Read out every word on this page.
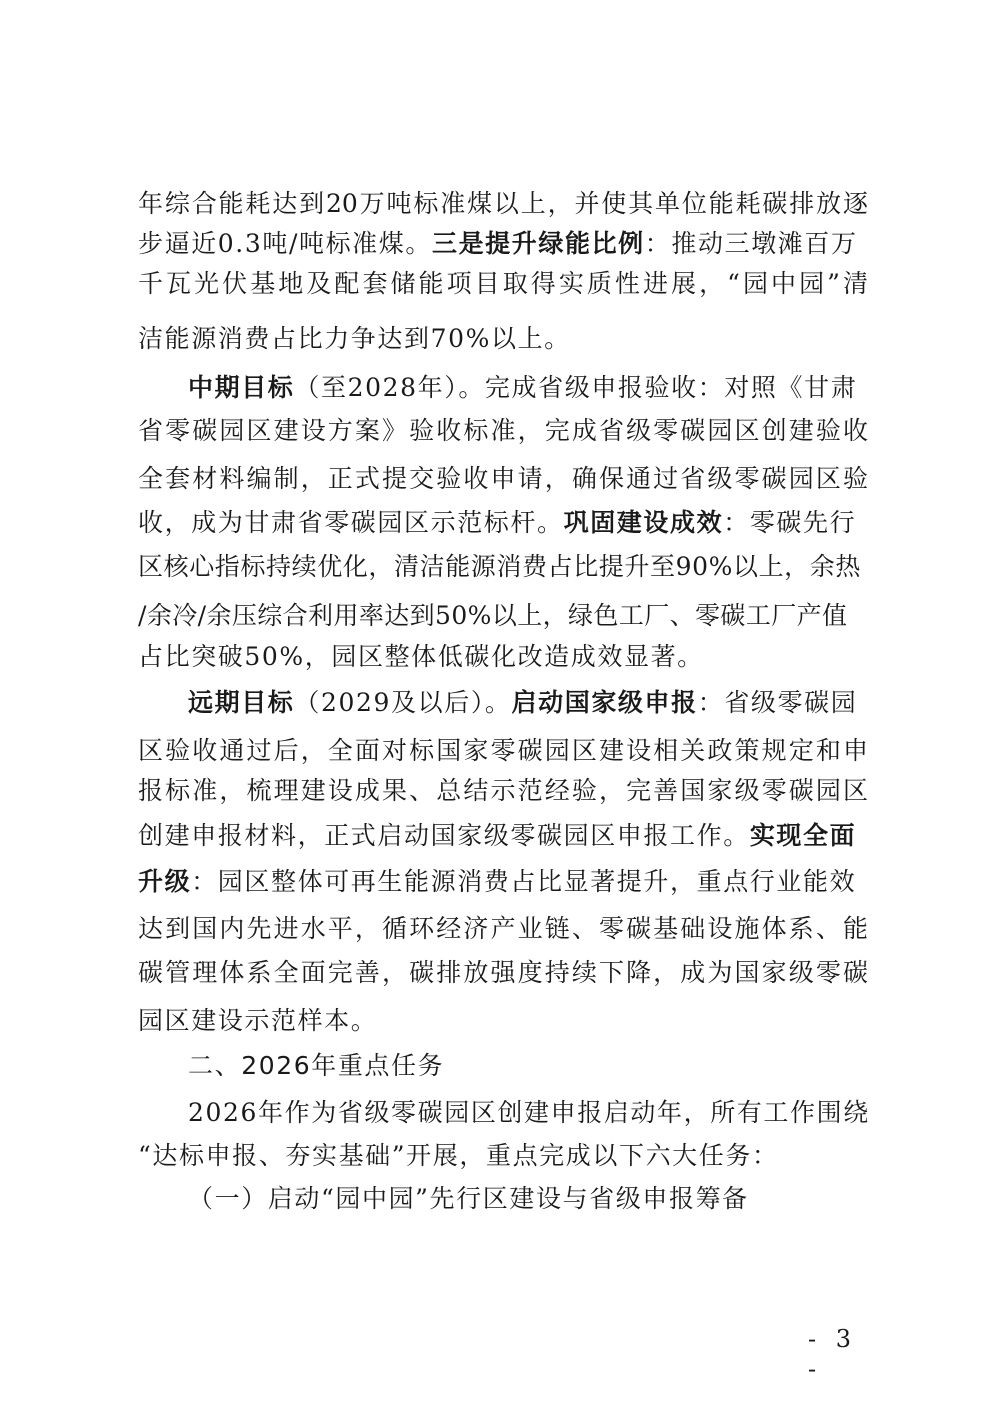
年综合能耗达到20万吨标准煤以上，并使其单位能耗碳排放逐
步逼近0.3吨/吨标准煤。三是提升绿能比例：推动三墩滩百万
千瓦光伏基地及配套储能项目取得实质性进展，“园中园”清
洁能源消费占比力争达到70%以上。
中期目标（至2028年）。完成省级申报验收：对照《甘肃
省零碳园区建设方案》验收标准，完成省级零碳园区创建验收
全套材料编制，正式提交验收申请，确保通过省级零碳园区验
收，成为甘肃省零碳园区示范标杆。巩固建设成效：零碳先行
区核心指标持续优化，清洁能源消费占比提升至90%以上，余热
/余冷/余压综合利用率达到50%以上，绿色工厂、零碳工厂产值
占比突破50%，园区整体低碳化改造成效显著。
远期目标（2029及以后）。启动国家级申报：省级零碳园
区验收通过后，全面对标国家零碳园区建设相关政策规定和申
报标准，梳理建设成果、总结示范经验，完善国家级零碳园区
创建申报材料，正式启动国家级零碳园区申报工作。实现全面
升级：园区整体可再生能源消费占比显著提升，重点行业能效
达到国内先进水平，循环经济产业链、零碳基础设施体系、能
碳管理体系全面完善，碳排放强度持续下降，成为国家级零碳
园区建设示范样本。
二、2026年重点任务
2026年作为省级零碳园区创建申报启动年，所有工作围绕
“达标申报、夯实基础”开展，重点完成以下六大任务：
（一）启动“园中园”先行区建设与省级申报筹备
- 3 -
